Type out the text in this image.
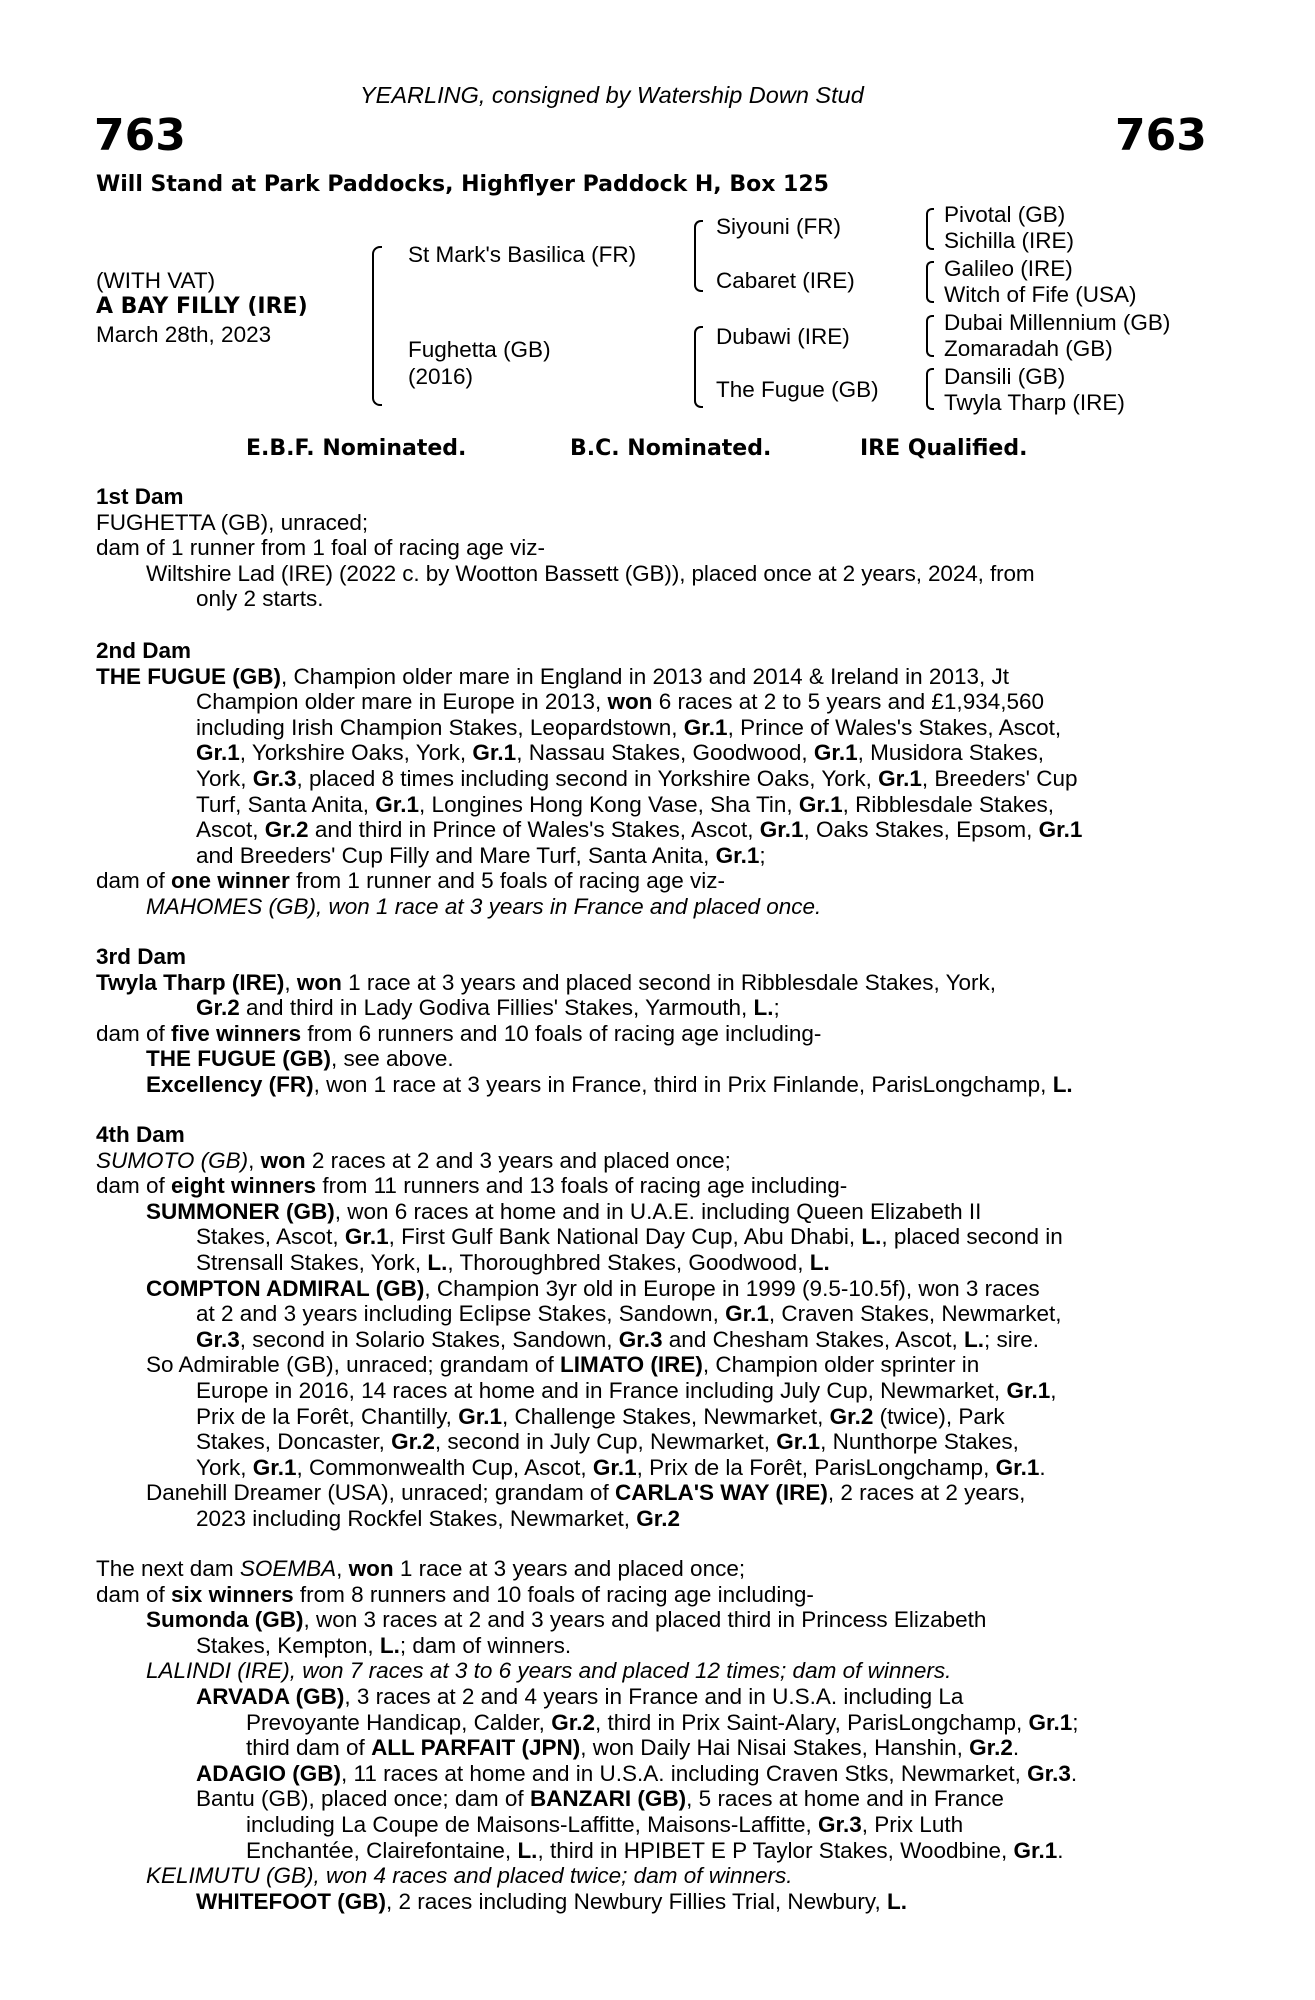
YEARLING, consigned by Watership Down Stud
763	763
Will Stand at Park Paddocks, Highflyer Paddock H, Box 125
(WITH VAT)
A BAY FILLY (IRE)
March 28th, 2023
St Mark's Basilica (FR)
Fughetta (GB)
(2016)
Siyouni (FR)
Cabaret (IRE)
Dubawi (IRE)
The Fugue (GB)
Pivotal (GB)
Sichilla (IRE)
Galileo (IRE)
Witch of Fife (USA)
Dubai Millennium (GB)
Zomaradah (GB)
Dansili (GB)
Twyla Tharp (IRE)
E.B.F. Nominated.	B.C. Nominated.	IRE Qualified.
1st Dam
FUGHETTA (GB), unraced;
dam of 1 runner from 1 foal of racing age viz-
Wiltshire Lad (IRE) (2022 c. by Wootton Bassett (GB)), placed once at 2 years, 2024, from
only 2 starts.
2nd Dam
THE FUGUE (GB), Champion older mare in England in 2013 and 2014 & Ireland in 2013, Jt
Champion older mare in Europe in 2013, won 6 races at 2 to 5 years and £1,934,560
including Irish Champion Stakes, Leopardstown, Gr.1, Prince of Wales's Stakes, Ascot,
Gr.1, Yorkshire Oaks, York, Gr.1, Nassau Stakes, Goodwood, Gr.1, Musidora Stakes,
York, Gr.3, placed 8 times including second in Yorkshire Oaks, York, Gr.1, Breeders' Cup
Turf, Santa Anita, Gr.1, Longines Hong Kong Vase, Sha Tin, Gr.1, Ribblesdale Stakes,
Ascot, Gr.2 and third in Prince of Wales's Stakes, Ascot, Gr.1, Oaks Stakes, Epsom, Gr.1
and Breeders' Cup Filly and Mare Turf, Santa Anita, Gr.1;
dam of one winner from 1 runner and 5 foals of racing age viz-
MAHOMES (GB), won 1 race at 3 years in France and placed once.
3rd Dam
Twyla Tharp (IRE), won 1 race at 3 years and placed second in Ribblesdale Stakes, York,
Gr.2 and third in Lady Godiva Fillies' Stakes, Yarmouth, L.;
dam of five winners from 6 runners and 10 foals of racing age including-
THE FUGUE (GB), see above.
Excellency (FR), won 1 race at 3 years in France, third in Prix Finlande, ParisLongchamp, L.
4th Dam
SUMOTO (GB), won 2 races at 2 and 3 years and placed once;
dam of eight winners from 11 runners and 13 foals of racing age including-
SUMMONER (GB), won 6 races at home and in U.A.E. including Queen Elizabeth II
Stakes, Ascot, Gr.1, First Gulf Bank National Day Cup, Abu Dhabi, L., placed second in
Strensall Stakes, York, L., Thoroughbred Stakes, Goodwood, L.
COMPTON ADMIRAL (GB), Champion 3yr old in Europe in 1999 (9.5-10.5f), won 3 races
at 2 and 3 years including Eclipse Stakes, Sandown, Gr.1, Craven Stakes, Newmarket,
Gr.3, second in Solario Stakes, Sandown, Gr.3 and Chesham Stakes, Ascot, L.; sire.
So Admirable (GB), unraced; grandam of LIMATO (IRE), Champion older sprinter in
Europe in 2016, 14 races at home and in France including July Cup, Newmarket, Gr.1,
Prix de la Forêt, Chantilly, Gr.1, Challenge Stakes, Newmarket, Gr.2 (twice), Park
Stakes, Doncaster, Gr.2, second in July Cup, Newmarket, Gr.1, Nunthorpe Stakes,
York, Gr.1, Commonwealth Cup, Ascot, Gr.1, Prix de la Forêt, ParisLongchamp, Gr.1.
Danehill Dreamer (USA), unraced; grandam of CARLA'S WAY (IRE), 2 races at 2 years,
2023 including Rockfel Stakes, Newmarket, Gr.2
The next dam SOEMBA, won 1 race at 3 years and placed once;
dam of six winners from 8 runners and 10 foals of racing age including-
Sumonda (GB), won 3 races at 2 and 3 years and placed third in Princess Elizabeth
Stakes, Kempton, L.; dam of winners.
LALINDI (IRE), won 7 races at 3 to 6 years and placed 12 times; dam of winners.
ARVADA (GB), 3 races at 2 and 4 years in France and in U.S.A. including La
Prevoyante Handicap, Calder, Gr.2, third in Prix Saint-Alary, ParisLongchamp, Gr.1;
third dam of ALL PARFAIT (JPN), won Daily Hai Nisai Stakes, Hanshin, Gr.2.
ADAGIO (GB), 11 races at home and in U.S.A. including Craven Stks, Newmarket, Gr.3.
Bantu (GB), placed once; dam of BANZARI (GB), 5 races at home and in France
including La Coupe de Maisons-Laffitte, Maisons-Laffitte, Gr.3, Prix Luth
Enchantée, Clairefontaine, L., third in HPIBET E P Taylor Stakes, Woodbine, Gr.1.
KELIMUTU (GB), won 4 races and placed twice; dam of winners.
WHITEFOOT (GB), 2 races including Newbury Fillies Trial, Newbury, L.
